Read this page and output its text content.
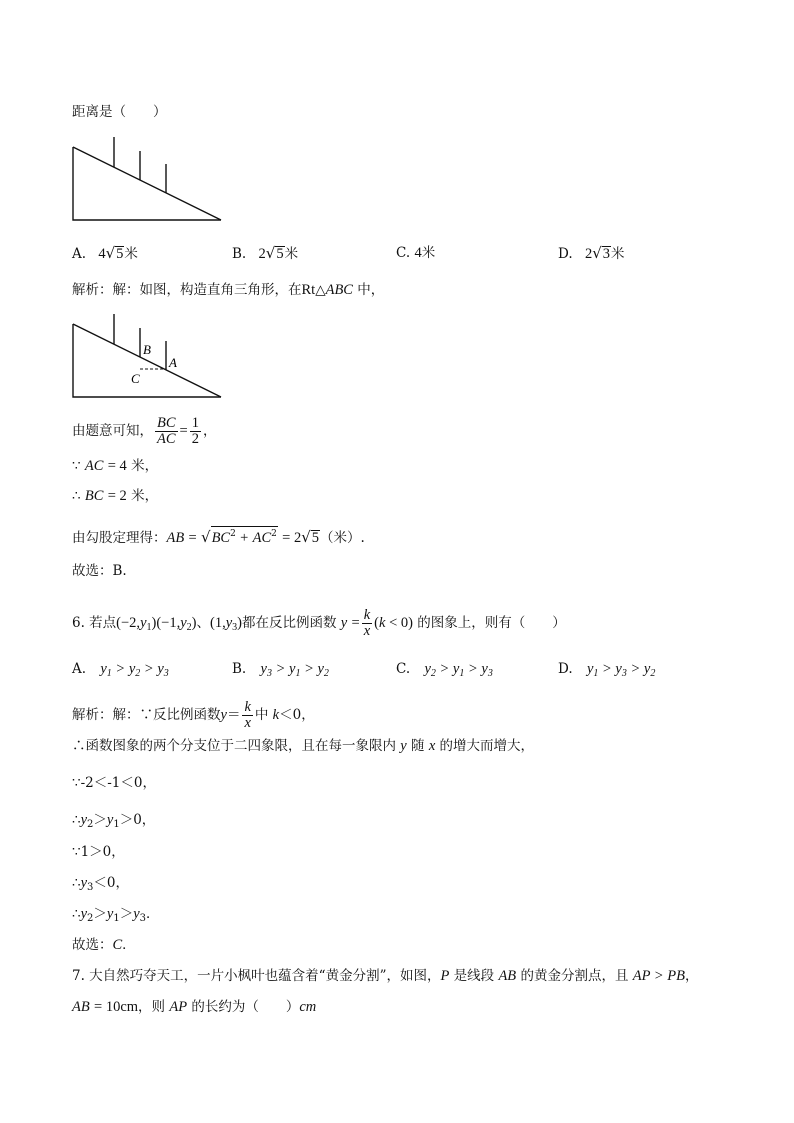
距离是（　　）
A. 4√5米	B. 2√5米	C. 4米	D. 2√3米
解析：解：如图，构造直角三角形，在Rt△ABC 中，
B
A
C
由题意可知， $\frac{BC}{AC} = \frac{1}{2}$ ，
∵ AC = 4 米，
∴ BC = 2 米，
由勾股定理得：AB = $√BC^2 + AC^2 = 2√5$（米）.
故选：B.
6. 若点$(-2,y_1)(-1,y_2)$、$(1,y_3)$都在反比例函数 $y = \frac{k}{x} (k < 0)$ 的图象上，则有（　　）
A. $y_1 > y_2 > y_3$	B. $y_3 > y_1 > y_2$	C. $y_2 > y_1 > y_3$	D. $y_1 > y_3 > y_2$
解析：解：∵反比例函数$y= \frac{k}{x}$ 中 k＜0，
∴函数图象的两个分支位于二四象限，且在每一象限内 y 随 x 的增大而增大，
∵-2＜-1＜0，
$\therefore y_2>y_1>0$，
∵1＞0，
$\therefore y_3<0$，
$\therefore y_2>y_1>y_3$．
故选：C．
7. 大自然巧夺天工，一片小枫叶也蕴含着“黄金分割”，如图，P 是线段 AB 的黄金分割点，且 AP > PB，
AB = 10cm，则 AP 的长约为（　　）cm
